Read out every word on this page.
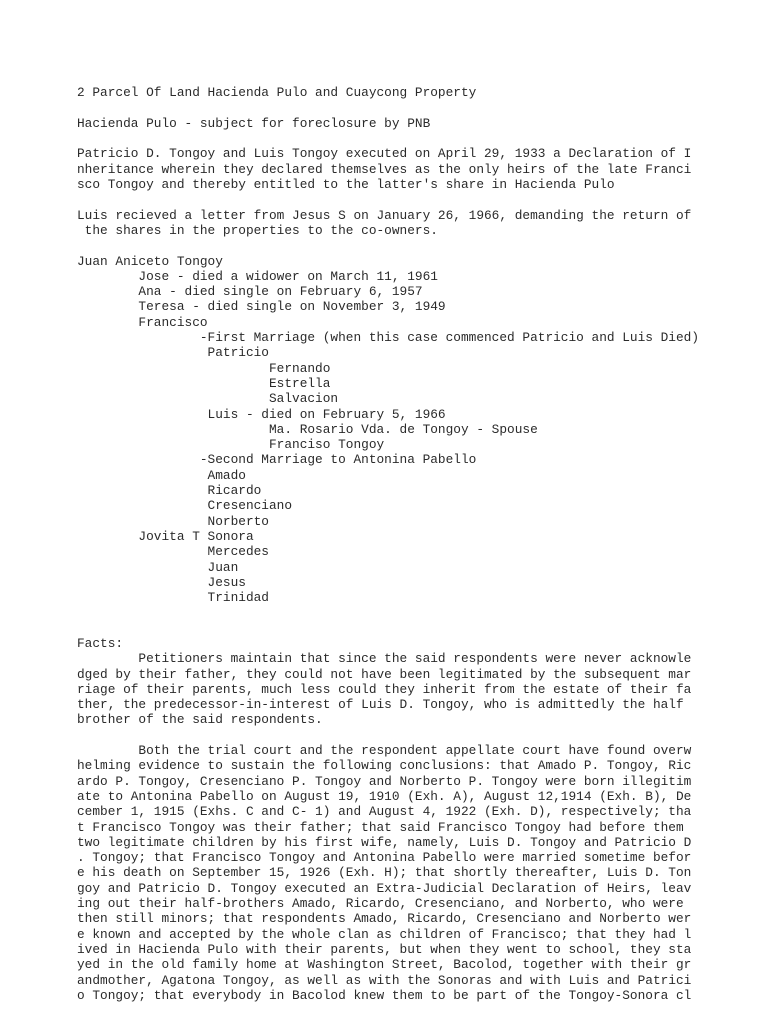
2 Parcel Of Land Hacienda Pulo and Cuaycong Property
Hacienda Pulo - subject for foreclosure by PNB
Patricio D. Tongoy and Luis Tongoy executed on April 29, 1933 a Declaration of I
nheritance wherein they declared themselves as the only heirs of the late Franci
sco Tongoy and thereby entitled to the latter's share in Hacienda Pulo
Luis recieved a letter from Jesus S on January 26, 1966, demanding the return of
the shares in the properties to the co-owners.
Juan Aniceto Tongoy
Jose - died a widower on March 11, 1961
Ana - died single on February 6, 1957
Teresa - died single on November 3, 1949
Francisco
-First Marriage (when this case commenced Patricio and Luis Died)
Patricio
Fernando
Estrella
Salvacion
Luis - died on February 5, 1966
Ma. Rosario Vda. de Tongoy - Spouse
Franciso Tongoy
-Second Marriage to Antonina Pabello
Amado
Ricardo
Cresenciano
Norberto
Jovita T Sonora
Mercedes
Juan
Jesus
Trinidad
Facts:
Petitioners maintain that since the said respondents were never acknowle
dged by their father, they could not have been legitimated by the subsequent mar
riage of their parents, much less could they inherit from the estate of their fa
ther, the predecessor-in-interest of Luis D. Tongoy, who is admittedly the half
brother of the said respondents.
Both the trial court and the respondent appellate court have found overw
helming evidence to sustain the following conclusions: that Amado P. Tongoy, Ric
ardo P. Tongoy, Cresenciano P. Tongoy and Norberto P. Tongoy were born illegitim
ate to Antonina Pabello on August 19, 1910 (Exh. A), August 12,1914 (Exh. B), De
cember 1, 1915 (Exhs. C and C- 1) and August 4, 1922 (Exh. D), respectively; tha
t Francisco Tongoy was their father; that said Francisco Tongoy had before them
two legitimate children by his first wife, namely, Luis D. Tongoy and Patricio D
. Tongoy; that Francisco Tongoy and Antonina Pabello were married sometime befor
e his death on September 15, 1926 (Exh. H); that shortly thereafter, Luis D. Ton
goy and Patricio D. Tongoy executed an Extra-Judicial Declaration of Heirs, leav
ing out their half-brothers Amado, Ricardo, Cresenciano, and Norberto, who were
then still minors; that respondents Amado, Ricardo, Cresenciano and Norberto wer
e known and accepted by the whole clan as children of Francisco; that they had l
ived in Hacienda Pulo with their parents, but when they went to school, they sta
yed in the old family home at Washington Street, Bacolod, together with their gr
andmother, Agatona Tongoy, as well as with the Sonoras and with Luis and Patrici
o Tongoy; that everybody in Bacolod knew them to be part of the Tongoy-Sonora cl
